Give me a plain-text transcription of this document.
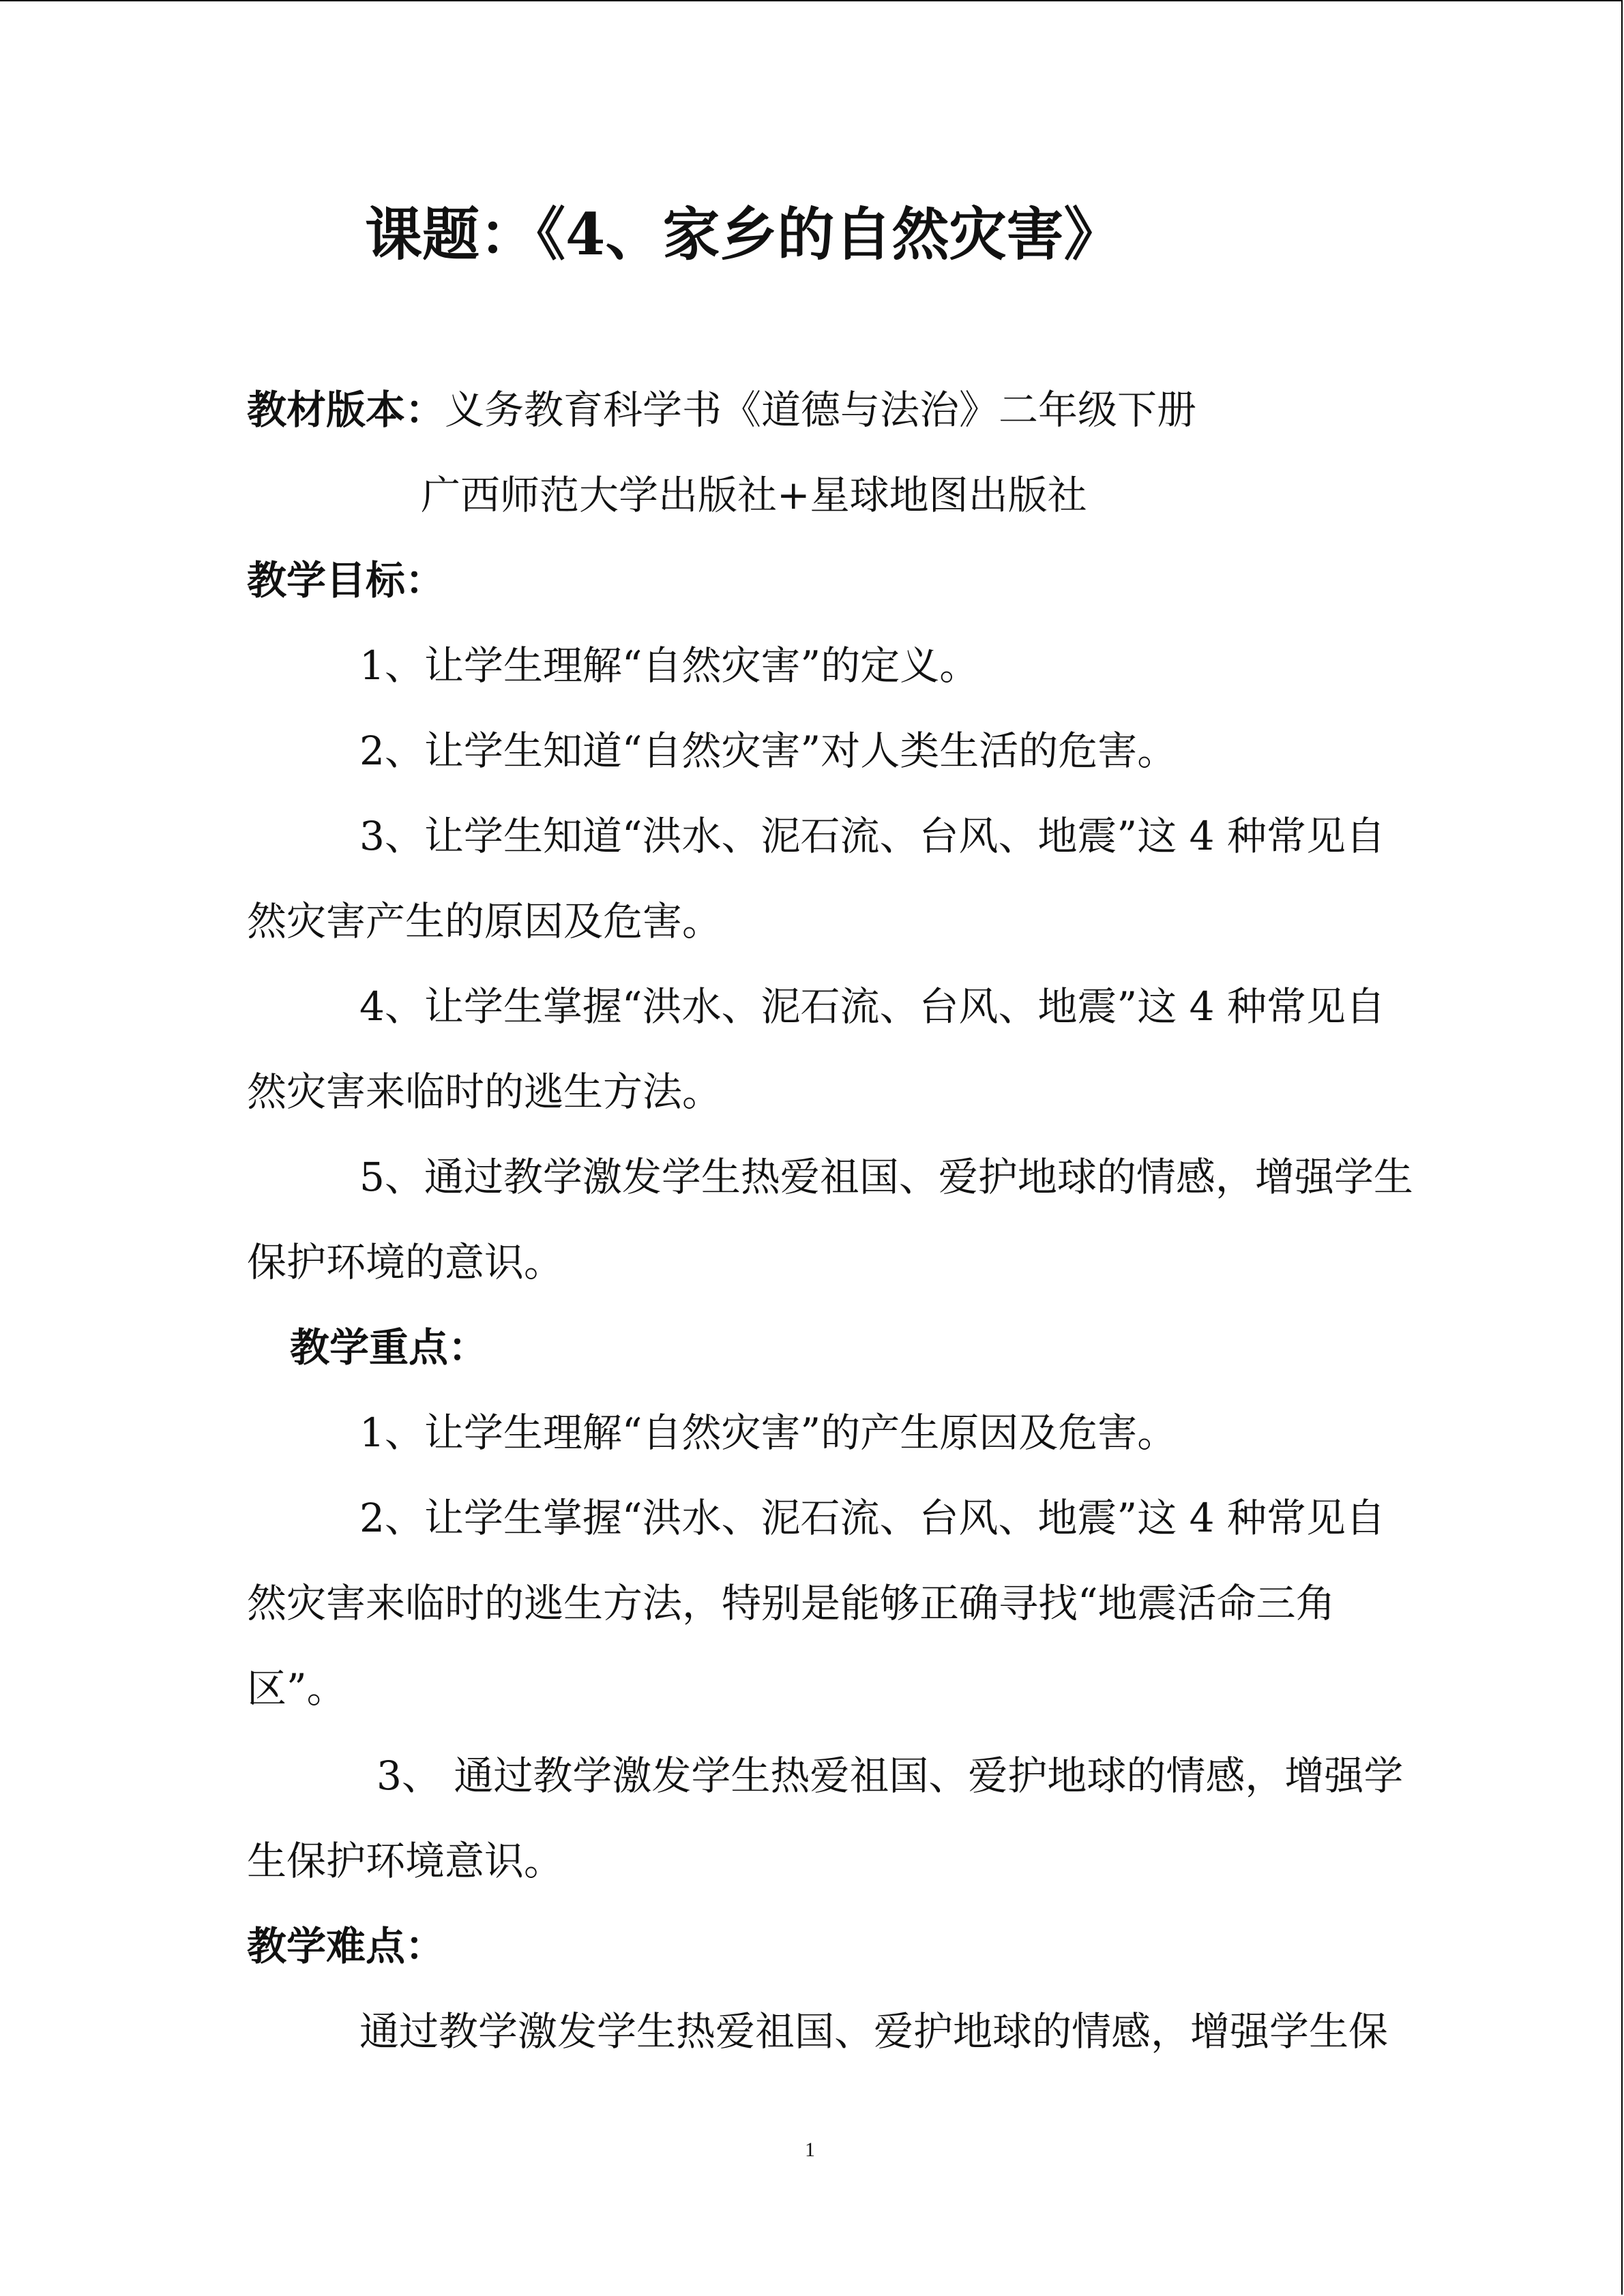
课题：《4、家乡的自然灾害》
教材版本：义务教育科学书《道德与法治》二年级下册
广西师范大学出版社+星球地图出版社
教学目标：
1、让学生理解“自然灾害”的定义。
2、让学生知道“自然灾害”对人类生活的危害。
3、让学生知道“洪水、泥石流、台风、地震”这 4 种常见自
然灾害产生的原因及危害。
4、让学生掌握“洪水、泥石流、台风、地震”这 4 种常见自
然灾害来临时的逃生方法。
5、通过教学激发学生热爱祖国、爱护地球的情感，增强学生
保护环境的意识。
教学重点：
1、让学生理解“自然灾害”的产生原因及危害。
2、让学生掌握“洪水、泥石流、台风、地震”这 4 种常见自
然灾害来临时的逃生方法，特别是能够正确寻找“地震活命三角
区”。
3、 通过教学激发学生热爱祖国、爱护地球的情感，增强学
生保护环境意识。
教学难点：
通过教学激发学生热爱祖国、爱护地球的情感，增强学生保
1
